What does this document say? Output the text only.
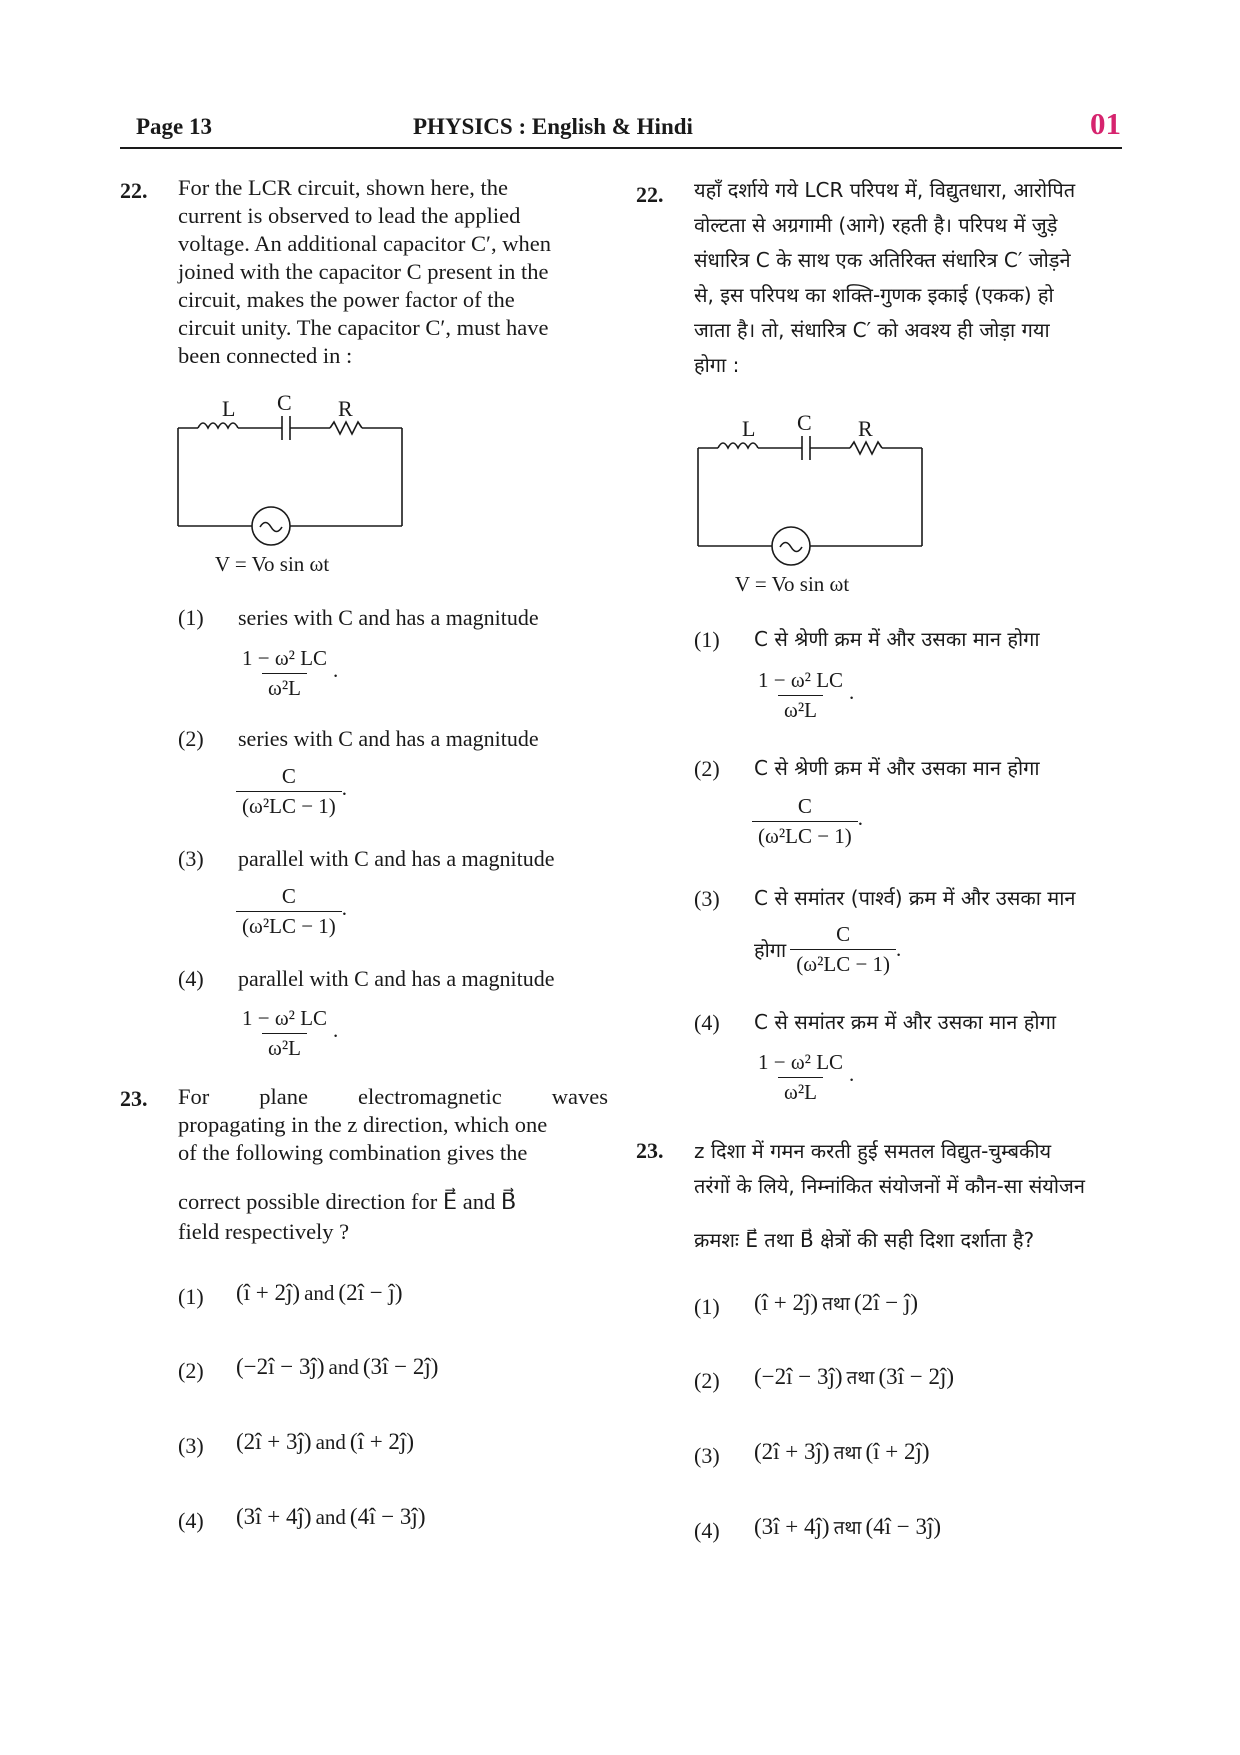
Page 13	PHYSICS : English & Hindi	01
22. For the LCR circuit, shown here, the
current is observed to lead the applied
voltage. An additional capacitor C′, when
joined with the capacitor C present in the
circuit, makes the power factor of the
circuit unity. The capacitor C′, must have
been connected in :
L C R
V = Vo sin ωt
(1) series with C and has a magnitude
$\frac{\text{1 − ω² LC}}{\text{ω²L}}$ .
(2) series with C and has a magnitude
$\frac{C}{\text{(ω²LC − 1)}}$ .
(3) parallel with C and has a magnitude
$\frac{C}{\text{(ω²LC − 1)}}$ .
(4) parallel with C and has a magnitude
$\frac{\text{1 − ω² LC}}{\text{ω²L}}$ .
23. For plane electromagnetic waves
propagating in the z direction, which one
of the following combination gives the
correct possible direction for E⃗ and B⃗
field respectively ?
(1) (î + 2ĵ) and (2î − ĵ)
(2) (−2î − 3ĵ) and (3î − 2ĵ)
(3) (2î + 3ĵ) and (î + 2ĵ)
(4) (3î + 4ĵ) and (4î − 3ĵ)
22. यहाँ दर्शाये गये LCR परिपथ में, विद्युतधारा, आरोपित
वोल्टता से अग्रगामी (आगे) रहती है। परिपथ में जुड़े
संधारित्र C के साथ एक अतिरिक्त संधारित्र C′ जोड़ने
से, इस परिपथ का शक्ति-गुणक इकाई (एकक) हो
जाता है। तो, संधारित्र C′ को अवश्य ही जोड़ा गया
होगा :
L C R
V = Vo sin ωt
(1) C से श्रेणी क्रम में और उसका मान होगा
$\frac{\text{1 − ω² LC}}{\text{ω²L}}$ .
(2) C से श्रेणी क्रम में और उसका मान होगा
$\frac{C}{\text{(ω²LC − 1)}}$ .
(3) C से समांतर (पार्श्व) क्रम में और उसका मान
होगा $\frac{C}{\text{(ω²LC − 1)}}$ .
(4) C से समांतर क्रम में और उसका मान होगा
$\frac{\text{1 − ω² LC}}{\text{ω²L}}$ .
23. z दिशा में गमन करती हुई समतल विद्युत-चुम्बकीय
तरंगों के लिये, निम्नांकित संयोजनों में कौन-सा संयोजन
क्रमशः E⃗ तथा B⃗ क्षेत्रों की सही दिशा दर्शाता है?
(1) (î + 2ĵ) तथा (2î − ĵ)
(2) (−2î − 3ĵ) तथा (3î − 2ĵ)
(3) (2î + 3ĵ) तथा (î + 2ĵ)
(4) (3î + 4ĵ) तथा (4î − 3ĵ)
